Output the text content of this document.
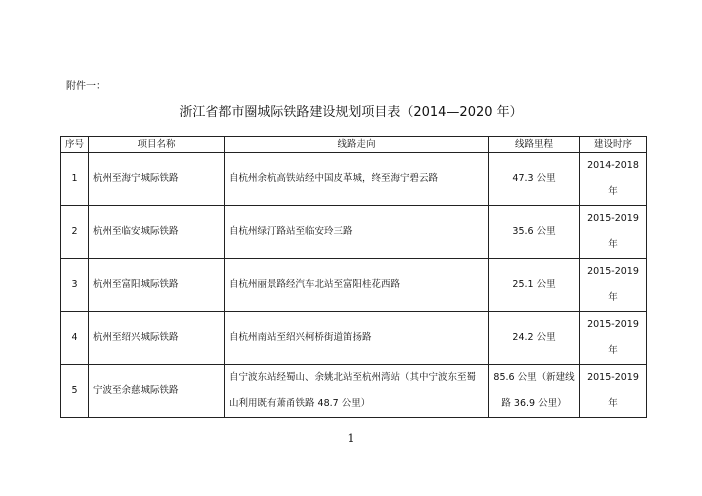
附件一：
浙江省都市圈城际铁路建设规划项目表（2014—2020 年）
序号	项目名称	线路走向	线路里程	建设时序
1	杭州至海宁城际铁路	自杭州余杭高铁站经中国皮革城，终至海宁碧云路	47.3 公里	2014-2018 年

2	杭州至临安城际铁路	自杭州绿汀路站至临安玲三路	35.6 公里	2015-2019 年

3	杭州至富阳城际铁路	自杭州丽景路经汽车北站至富阳桂花西路	25.1 公里	2015-2019 年

4	杭州至绍兴城际铁路	自杭州南站至绍兴柯桥街道笛扬路	24.2 公里	2015-2019 年

5	宁波至余慈城际铁路	自宁波东站经蜀山、余姚北站至杭州湾站（其中宁波东至蜀山利用既有萧甬铁路 48.7 公里）	85.6 公里（新建线路 36.9 公里）	2015-2019 年
1
